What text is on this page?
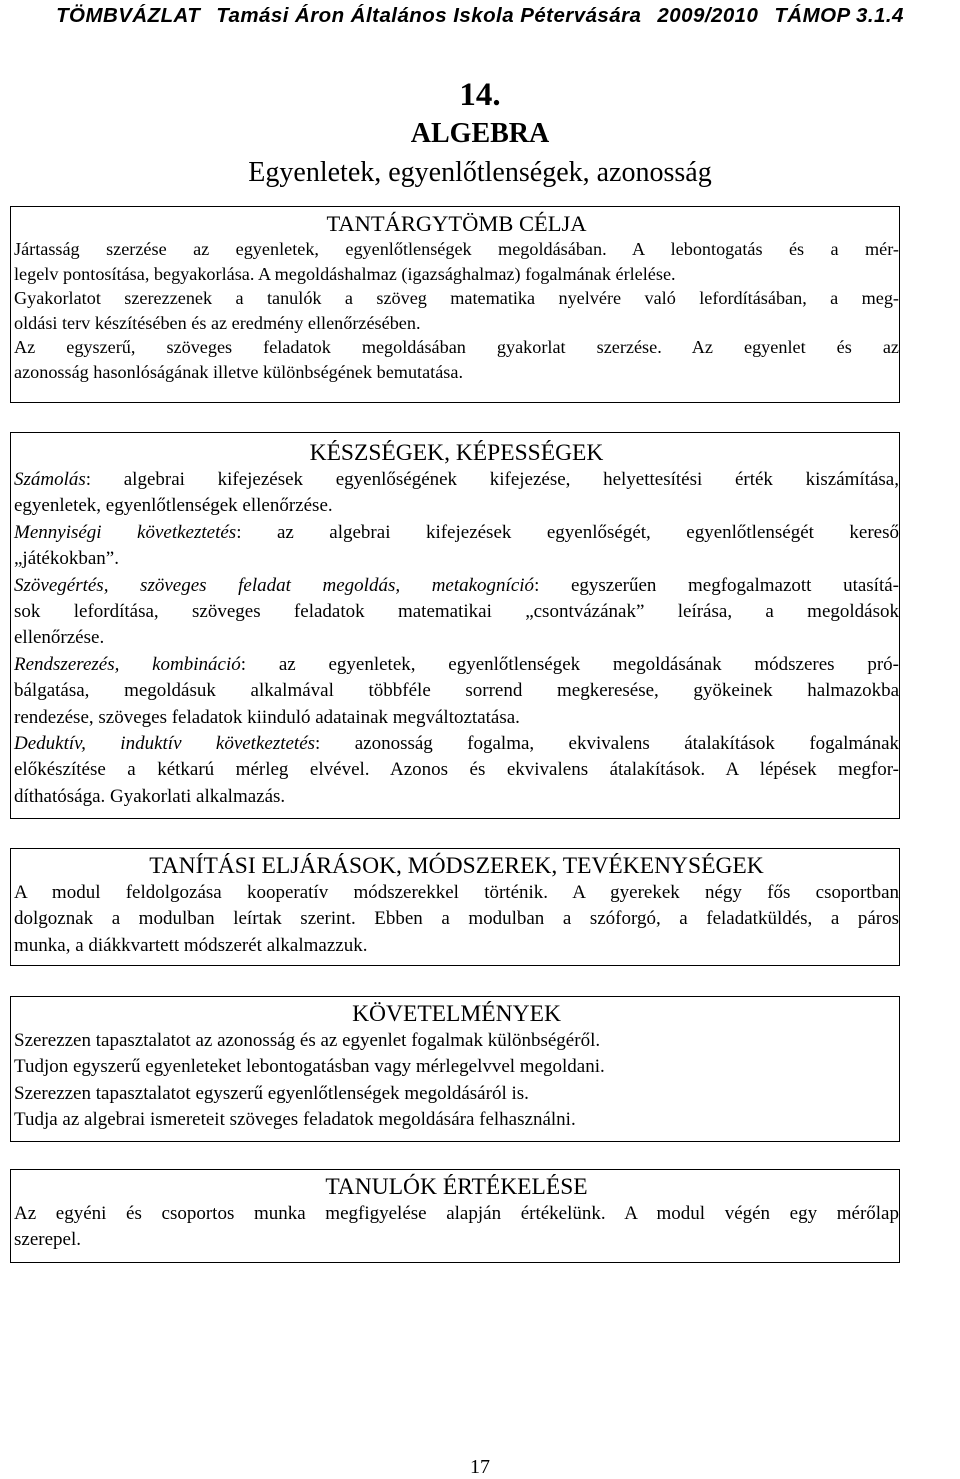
TÖMBVÁZLAT Tamási Áron Általános Iskola Pétervására 2009/2010 TÁMOP 3.1.4
14.
ALGEBRA
Egyenletek, egyenlőtlenségek, azonosság

TANTÁRGYTÖMB CÉLJA

Jártasság szerzése az egyenletek, egyenlőtlenségek megoldásában. A lebontogatás és a mér-

legelv pontosítása, begyakorlása. A megoldáshalmaz (igazsághalmaz) fogalmának érlelése.

Gyakorlatot szerezzenek a tanulók a szöveg matematika nyelvére való lefordításában, a meg-

oldási terv készítésében és az eredmény ellenőrzésében.

Az egyszerű, szöveges feladatok megoldásában gyakorlat szerzése. Az egyenlet és az

azonosság hasonlóságának illetve különbségének bemutatása.

KÉSZSÉGEK, KÉPESSÉGEK

Számolás: algebrai kifejezések egyenlőségének kifejezése, helyettesítési érték kiszámítása,

egyenletek, egyenlőtlenségek ellenőrzése.

Mennyiségi következtetés: az algebrai kifejezések egyenlőségét, egyenlőtlenségét kereső

„játékokban”.

Szövegértés, szöveges feladat megoldás, metakogníció: egyszerűen megfogalmazott utasítá-

sok lefordítása, szöveges feladatok matematikai „csontvázának” leírása, a megoldások

ellenőrzése.

Rendszerezés, kombináció: az egyenletek, egyenlőtlenségek megoldásának módszeres pró-

bálgatása, megoldásuk alkalmával többféle sorrend megkeresése, gyökeinek halmazokba

rendezése, szöveges feladatok kiinduló adatainak megváltoztatása.

Deduktív, induktív következtetés: azonosság fogalma, ekvivalens átalakítások fogalmának

előkészítése a kétkarú mérleg elvével. Azonos és ekvivalens átalakítások. A lépések megfor-

díthatósága. Gyakorlati alkalmazás.

TANÍTÁSI ELJÁRÁSOK, MÓDSZEREK, TEVÉKENYSÉGEK

A modul feldolgozása kooperatív módszerekkel történik. A gyerekek négy fős csoportban

dolgoznak a modulban leírtak szerint. Ebben a modulban a szóforgó, a feladatküldés, a páros

munka, a diákkvartett módszerét alkalmazzuk.

KÖVETELMÉNYEK

Szerezzen tapasztalatot az azonosság és az egyenlet fogalmak különbségéről.

Tudjon egyszerű egyenleteket lebontogatásban vagy mérlegelvvel megoldani.

Szerezzen tapasztalatot egyszerű egyenlőtlenségek megoldásáról is.

Tudja az algebrai ismereteit szöveges feladatok megoldására felhasználni.

TANULÓK ÉRTÉKELÉSE

Az egyéni és csoportos munka megfigyelése alapján értékelünk. A modul végén egy mérőlap

szerepel.

17
